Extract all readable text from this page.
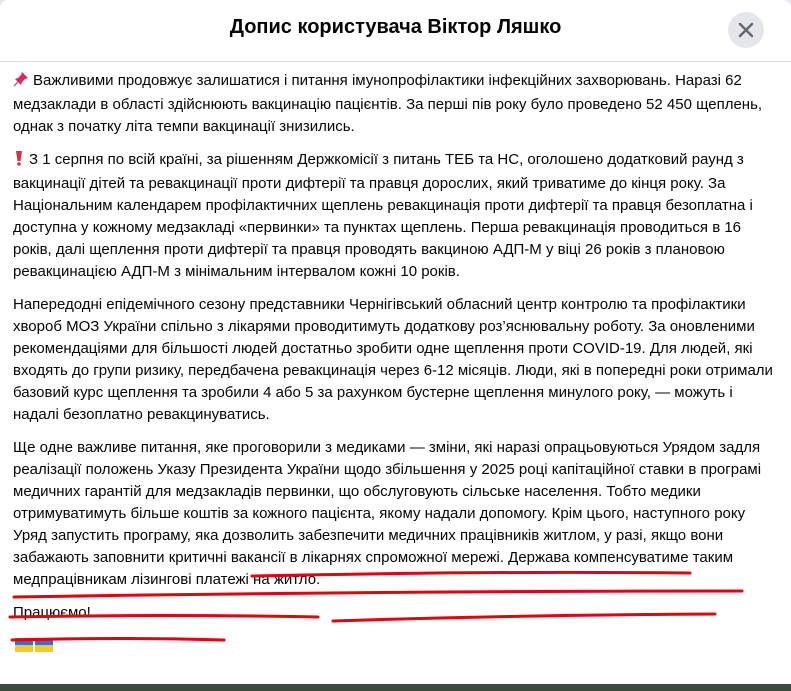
Допис користувача Віктор Ляшко

Важливими продовжує залишатися і питання імунопрофілактики інфекційних захворювань. Наразі 62 медзаклади в області здійснюють вакцинацію пацієнтів. За перші пів року було проведено 52 450 щеплень, однак з початку літа темпи вакцинації знизились.

З 1 серпня по всій країні, за рішенням Держкомісії з питань ТЕБ та НС, оголошено додатковий раунд з вакцинації дітей та ревакцинації проти дифтерії та правця дорослих, який триватиме до кінця року. За Національним календарем профілактичних щеплень ревакцинація проти дифтерії та правця безоплатна і доступна у кожному медзакладі «первинки» та пунктах щеплень. Перша ревакцинація проводиться в 16 років, далі щеплення проти дифтерії та правця проводять вакциною АДП-М у віці 26 років з плановою ревакцинацією АДП-М з мінімальним інтервалом кожні 10 років.

Напередодні епідемічного сезону представники Чернігівський обласний центр контролю та профілактики хвороб МОЗ України спільно з лікарями проводитимуть додаткову роз’яснювальну роботу. За оновленими рекомендаціями для більшості людей достатньо зробити одне щеплення проти COVID-19. Для людей, які входять до групи ризику, передбачена ревакцинація через 6-12 місяців. Люди, які в попередні роки отримали базовий курс щеплення та зробили 4 або 5 за рахунком бустерне щеплення минулого року, — можуть і надалі безоплатно ревакцинуватись.

Ще одне важливе питання, яке проговорили з медиками — зміни, які наразі опрацьовуються Урядом задля реалізації положень Указу Президента України щодо збільшення у 2025 році капітаційної ставки в програмі медичних гарантій для медзакладів первинки, що обслуговують сільське населення. Тобто медики отримуватимуть більше коштів за кожного пацієнта, якому надали допомогу. Крім цього, наступного року Уряд запустить програму, яка дозволить забезпечити медичних працівників житлом, у разі, якщо вони забажають заповнити критичні вакансії в лікарнях спроможної мережі. Держава компенсуватиме таким медпрацівникам лізингові платежі на житло.

Працюємо!
